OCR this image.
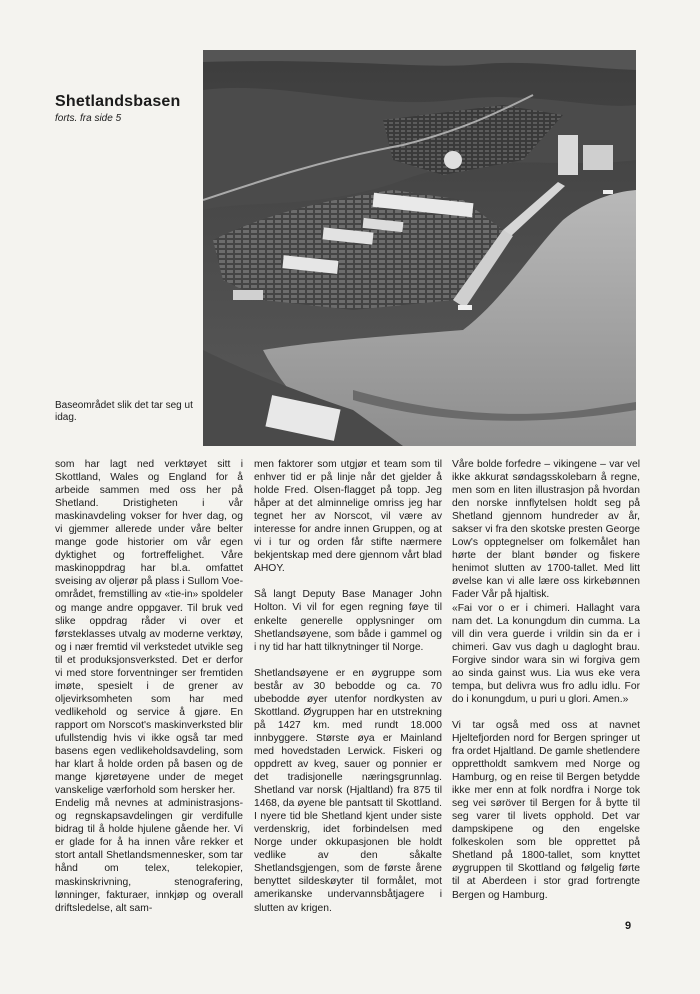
Shetlandsbasen
forts. fra side 5
Baseområdet slik det tar seg ut idag.

som har lagt ned verktøyet sitt i Skottland, Wales og England for å arbeide sammen med oss her på Shetland. Dristigheten i vår maskinavdeling vokser for hver dag, og vi gjemmer allerede under våre belter mange gode historier om vår egen dyktighet og fortreffelighet. Våre maskinoppdrag har bl.a. omfattet sveising av oljerør på plass i Sullom Voe-området, fremstilling av «tie-in» spoldeler og mange andre oppgaver. Til bruk ved slike oppdrag råder vi over et førsteklasses utvalg av moderne verktøy, og i nær fremtid vil verkstedet utvikle seg til et produksjonsverksted. Det er derfor vi med store forventninger ser fremtiden imøte, spesielt i de grener av oljevirksomheten som har med vedlikehold og service å gjøre. En rapport om Norscot's maskinverksted blir ufullstendig hvis vi ikke også tar med basens egen vedlikeholdsavdeling, som har klart å holde orden på basen og de mange kjøretøyene under de meget vanskelige værforhold som hersker her.

Endelig må nevnes at administrasjons- og regnskapsavdelingen gir verdifulle bidrag til å holde hjulene gående her. Vi er glade for å ha innen våre rekker et stort antall Shetlandsmennesker, som tar hånd om telex, telekopier, maskinskrivning, stenografering, lønninger, fakturaer, innkjøp og overall driftsledelse, alt sam-

men faktorer som utgjør et team som til enhver tid er på linje når det gjelder å holde Fred. Olsen-flagget på topp. Jeg håper at det alminnelige omriss jeg har tegnet her av Norscot, vil være av interesse for andre innen Gruppen, og at vi i tur og orden får stifte nærmere bekjentskap med dere gjennom vårt blad AHOY.

Så langt Deputy Base Manager John Holton. Vi vil for egen regning føye til enkelte generelle opplysninger om Shetlandsøyene, som både i gammel og i ny tid har hatt tilknytninger til Norge.

Shetlandsøyene er en øygruppe som består av 30 bebodde og ca. 70 ubebodde øyer utenfor nordkysten av Skottland. Øygruppen har en utstrekning på 1427 km. med rundt 18.000 innbyggere. Største øya er Mainland med hovedstaden Lerwick. Fiskeri og oppdrett av kveg, sauer og ponnier er det tradisjonelle næringsgrunnlag. Shetland var norsk (Hjaltland) fra 875 til 1468, da øyene ble pantsatt til Skottland. I nyere tid ble Shetland kjent under siste verdenskrig, idet forbindelsen med Norge under okkupasjonen ble holdt vedlike av den såkalte Shetlandsgjengen, som de første årene benyttet sildeskøyter til formålet, mot amerikanske undervannsbåtjagere i slutten av krigen.

Våre bolde forfedre – vikingene – var vel ikke akkurat søndagsskolebarn å regne, men som en liten illustrasjon på hvordan den norske innflytelsen holdt seg på Shetland gjennom hundreder av år, sakser vi fra den skotske presten George Low's opptegnelser om folkemålet han hørte der blant bønder og fiskere henimot slutten av 1700-tallet. Med litt øvelse kan vi alle lære oss kirkebønnen Fader Vår på hjaltisk.

«Fai vor o er i chimeri. Hallaght vara nam det. La konungdum din cumma. La vill din vera guerde i vrildin sin da er i chimeri. Gav vus dagh u dagloght brau. Forgive sindor wara sin wi forgiva gem ao sinda gainst wus. Lia wus eke vera tempa, but delivra wus fro adlu idlu. For do i konungdum, u puri u glori. Amen.»

Vi tar også med oss at navnet Hjeltefjorden nord for Bergen springer ut fra ordet Hjaltland. De gamle shetlendere opprettholdt samkvem med Norge og Hamburg, og en reise til Bergen betydde ikke mer enn at folk nordfra i Norge tok seg vei søröver til Bergen for å bytte til seg varer til livets opphold. Det var dampskipene og den engelske folkeskolen som ble opprettet på Shetland på 1800-tallet, som knyttet øygruppen til Skottland og følgelig førte til at Aberdeen i stor grad fortrengte Bergen og Hamburg.

9
